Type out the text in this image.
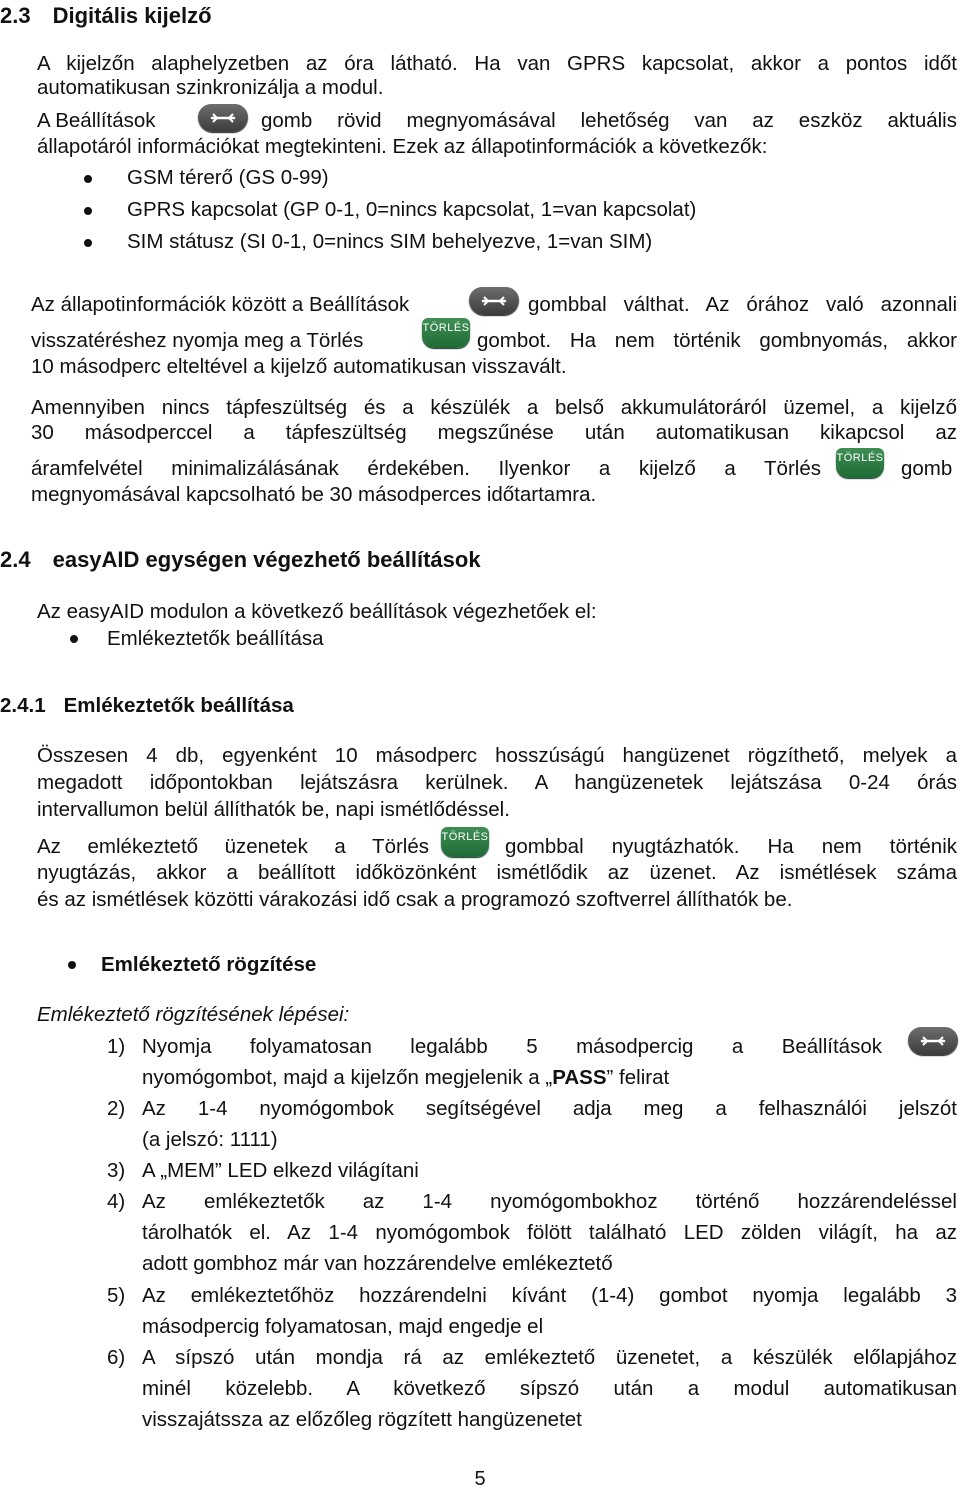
2.3 Digitális kijelző
A kijelzőn alaphelyzetben az óra látható. Ha van GPRS kapcsolat, akkor a pontos időt
automatikusan szinkronizálja a modul.
A Beállítások	gomb rövid megnyomásával lehetőség van az eszköz aktuális
állapotáról információkat megtekinteni. Ezek az állapotinformációk a következők:
GSM térerő (GS 0-99)
GPRS kapcsolat (GP 0-1, 0=nincs kapcsolat, 1=van kapcsolat)
SIM státusz (SI 0-1, 0=nincs SIM behelyezve, 1=van SIM)
Az állapotinformációk között a Beállítások	gombbal válthat. Az órához való azonnali
visszatéréshez nyomja meg a Törlés
TÖRLÉS
gombot. Ha nem történik gombnyomás, akkor
10 másodperc elteltével a kijelző automatikusan visszavált.
Amennyiben nincs tápfeszültség és a készülék a belső akkumulátoráról üzemel, a kijelző
30 másodperccel a tápfeszültség megszűnése után automatikusan kikapcsol az
áramfelvétel minimalizálásának érdekében. Ilyenkor a kijelző a Törlés TÖRLÉS gomb
megnyomásával kapcsolható be 30 másodperces időtartamra.
2.4 easyAID egységen végezhető beállítások
Az easyAID modulon a következő beállítások végezhetőek el:
Emlékeztetők beállítása
2.4.1 Emlékeztetők beállítása
Összesen 4 db, egyenként 10 másodperc hosszúságú hangüzenet rögzíthető, melyek a
megadott időpontokban lejátszásra kerülnek. A hangüzenetek lejátszása 0-24 órás
intervallumon belül állíthatók be, napi ismétlődéssel.
Az emlékeztető üzenetek a Törlés TÖRLÉS gombbal nyugtázhatók. Ha nem történik
nyugtázás, akkor a beállított időközönként ismétlődik az üzenet. Az ismétlések száma
és az ismétlések közötti várakozási idő csak a programozó szoftverrel állíthatók be.
Emlékeztető rögzítése
Emlékeztető rögzítésének lépései:
1) Nyomja folyamatosan legalább 5 másodpercig a Beállítások
nyomógombot, majd a kijelzőn megjelenik a „PASS” felirat
2) Az 1-4 nyomógombok segítségével adja meg a felhasználói jelszót
(a jelszó: 1111)
3) A „MEM” LED elkezd világítani
4) Az emlékeztetők az 1-4 nyomógombokhoz történő hozzárendeléssel
tárolhatók el. Az 1-4 nyomógombok fölött található LED zölden világít, ha az
adott gombhoz már van hozzárendelve emlékeztető
5) Az emlékeztetőhöz hozzárendelni kívánt (1-4) gombot nyomja legalább 3
másodpercig folyamatosan, majd engedje el
6) A sípszó után mondja rá az emlékeztető üzenetet, a készülék előlapjához
minél közelebb. A következő sípszó után a modul automatikusan
visszajátssza az előzőleg rögzített hangüzenetet
5
